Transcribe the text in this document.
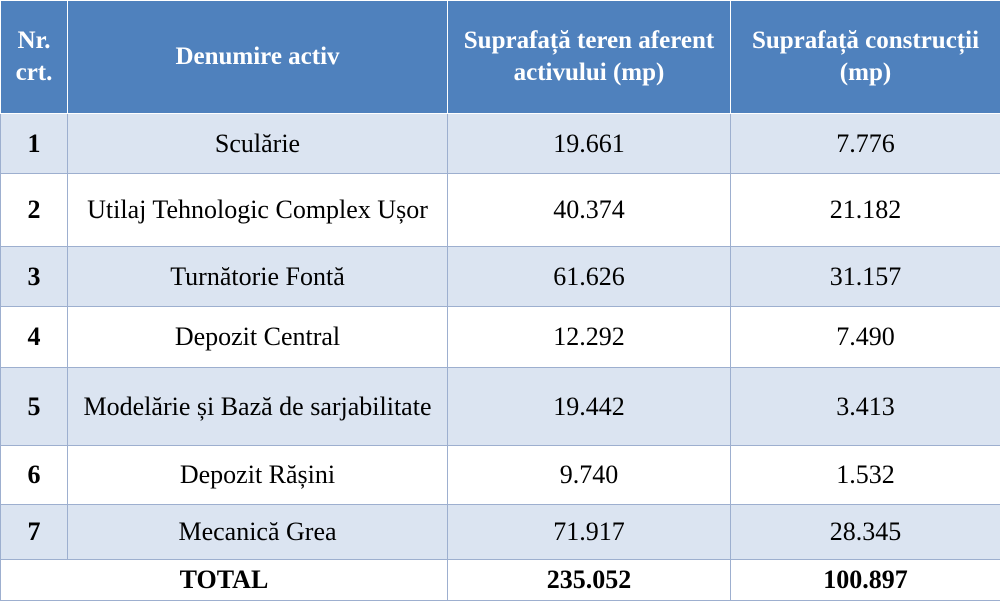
Nr. crt.	Denumire activ	Suprafață teren aferent activului (mp)	Suprafață construcții (mp)
1	Sculărie	19.661	7.776
2	Utilaj Tehnologic Complex Ușor	40.374	21.182
3	Turnătorie Fontă	61.626	31.157
4	Depozit Central	12.292	7.490
5	Modelărie și Bază de sarjabilitate	19.442	3.413
6	Depozit Rășini	9.740	1.532
7	Mecanică Grea	71.917	28.345
TOTAL		235.052	100.897
